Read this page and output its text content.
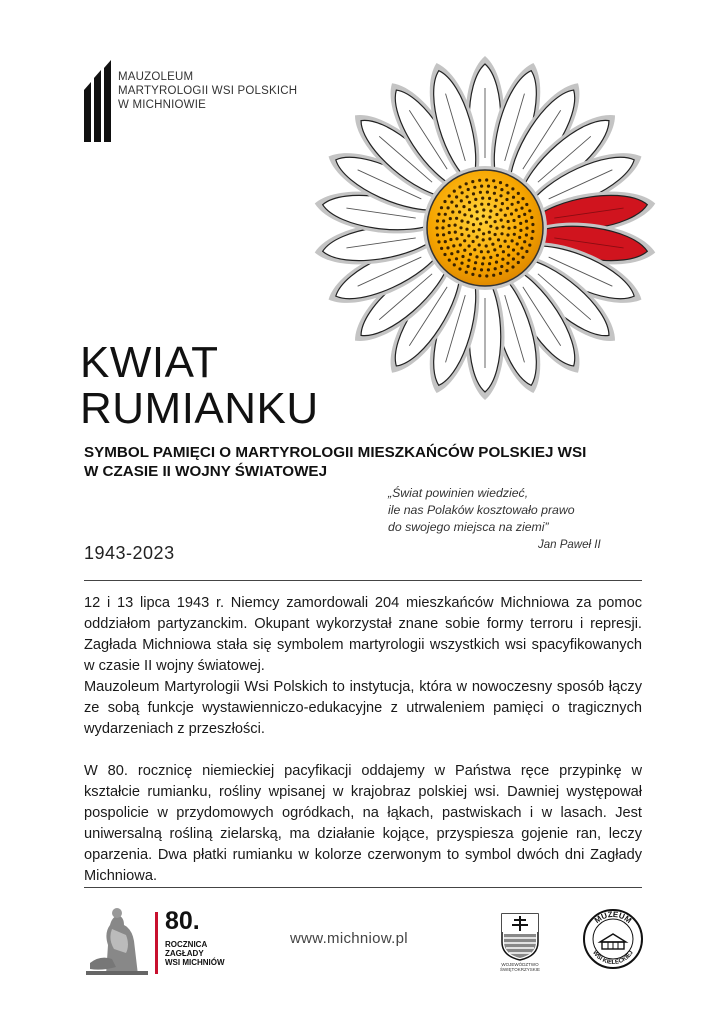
MAUZOLEUM
MARTYROLOGII WSI POLSKICH
W MICHNIOWIE
KWIAT
RUMIANKU
SYMBOL PAMIĘCI O MARTYROLOGII MIESZKAŃCÓW POLSKIEJ WSI
W CZASIE II WOJNY ŚWIATOWEJ
„Świat powinien wiedzieć,
ile nas Polaków kosztowało prawo
do swojego miejsca na ziemi”
Jan Paweł II
1943-2023

12 i 13 lipca 1943 r. Niemcy zamordowali 204 mieszkańców Michniowa za pomoc oddziałom partyzanckim. Okupant wykorzystał znane sobie formy terroru i represji. Zagłada Michniowa stała się symbolem martyrologii wszystkich wsi spacyfikowanych w czasie II wojny światowej.

Mauzoleum Martyrologii Wsi Polskich to instytucja, która w nowoczesny sposób łączy ze sobą funkcje wystawienniczo-edukacyjne z utrwaleniem pamięci o tragicznych wydarzeniach z przeszłości.

W 80. rocznicę niemieckiej pacyfikacji oddajemy w Państwa ręce przypinkę w kształcie rumianku, rośliny wpisanej w krajobraz polskiej wsi. Dawniej występował pospolicie w przydomowych ogródkach, na łąkach, pastwiskach i w lasach. Jest uniwersalną rośliną zielarską, ma działanie kojące, przyspiesza gojenie ran, leczy oparzenia. Dwa płatki rumianku w kolorze czerwonym to symbol dwóch dni Zagłady Michniowa.

80.
ROCZNICA
ZAGŁADY
WSI MICHNIÓW
www.michniow.pl
WOJEWÓDZTWO
ŚWIĘTOKRZYSKIE
MUZEUM
WSI KIELECKIEJ
